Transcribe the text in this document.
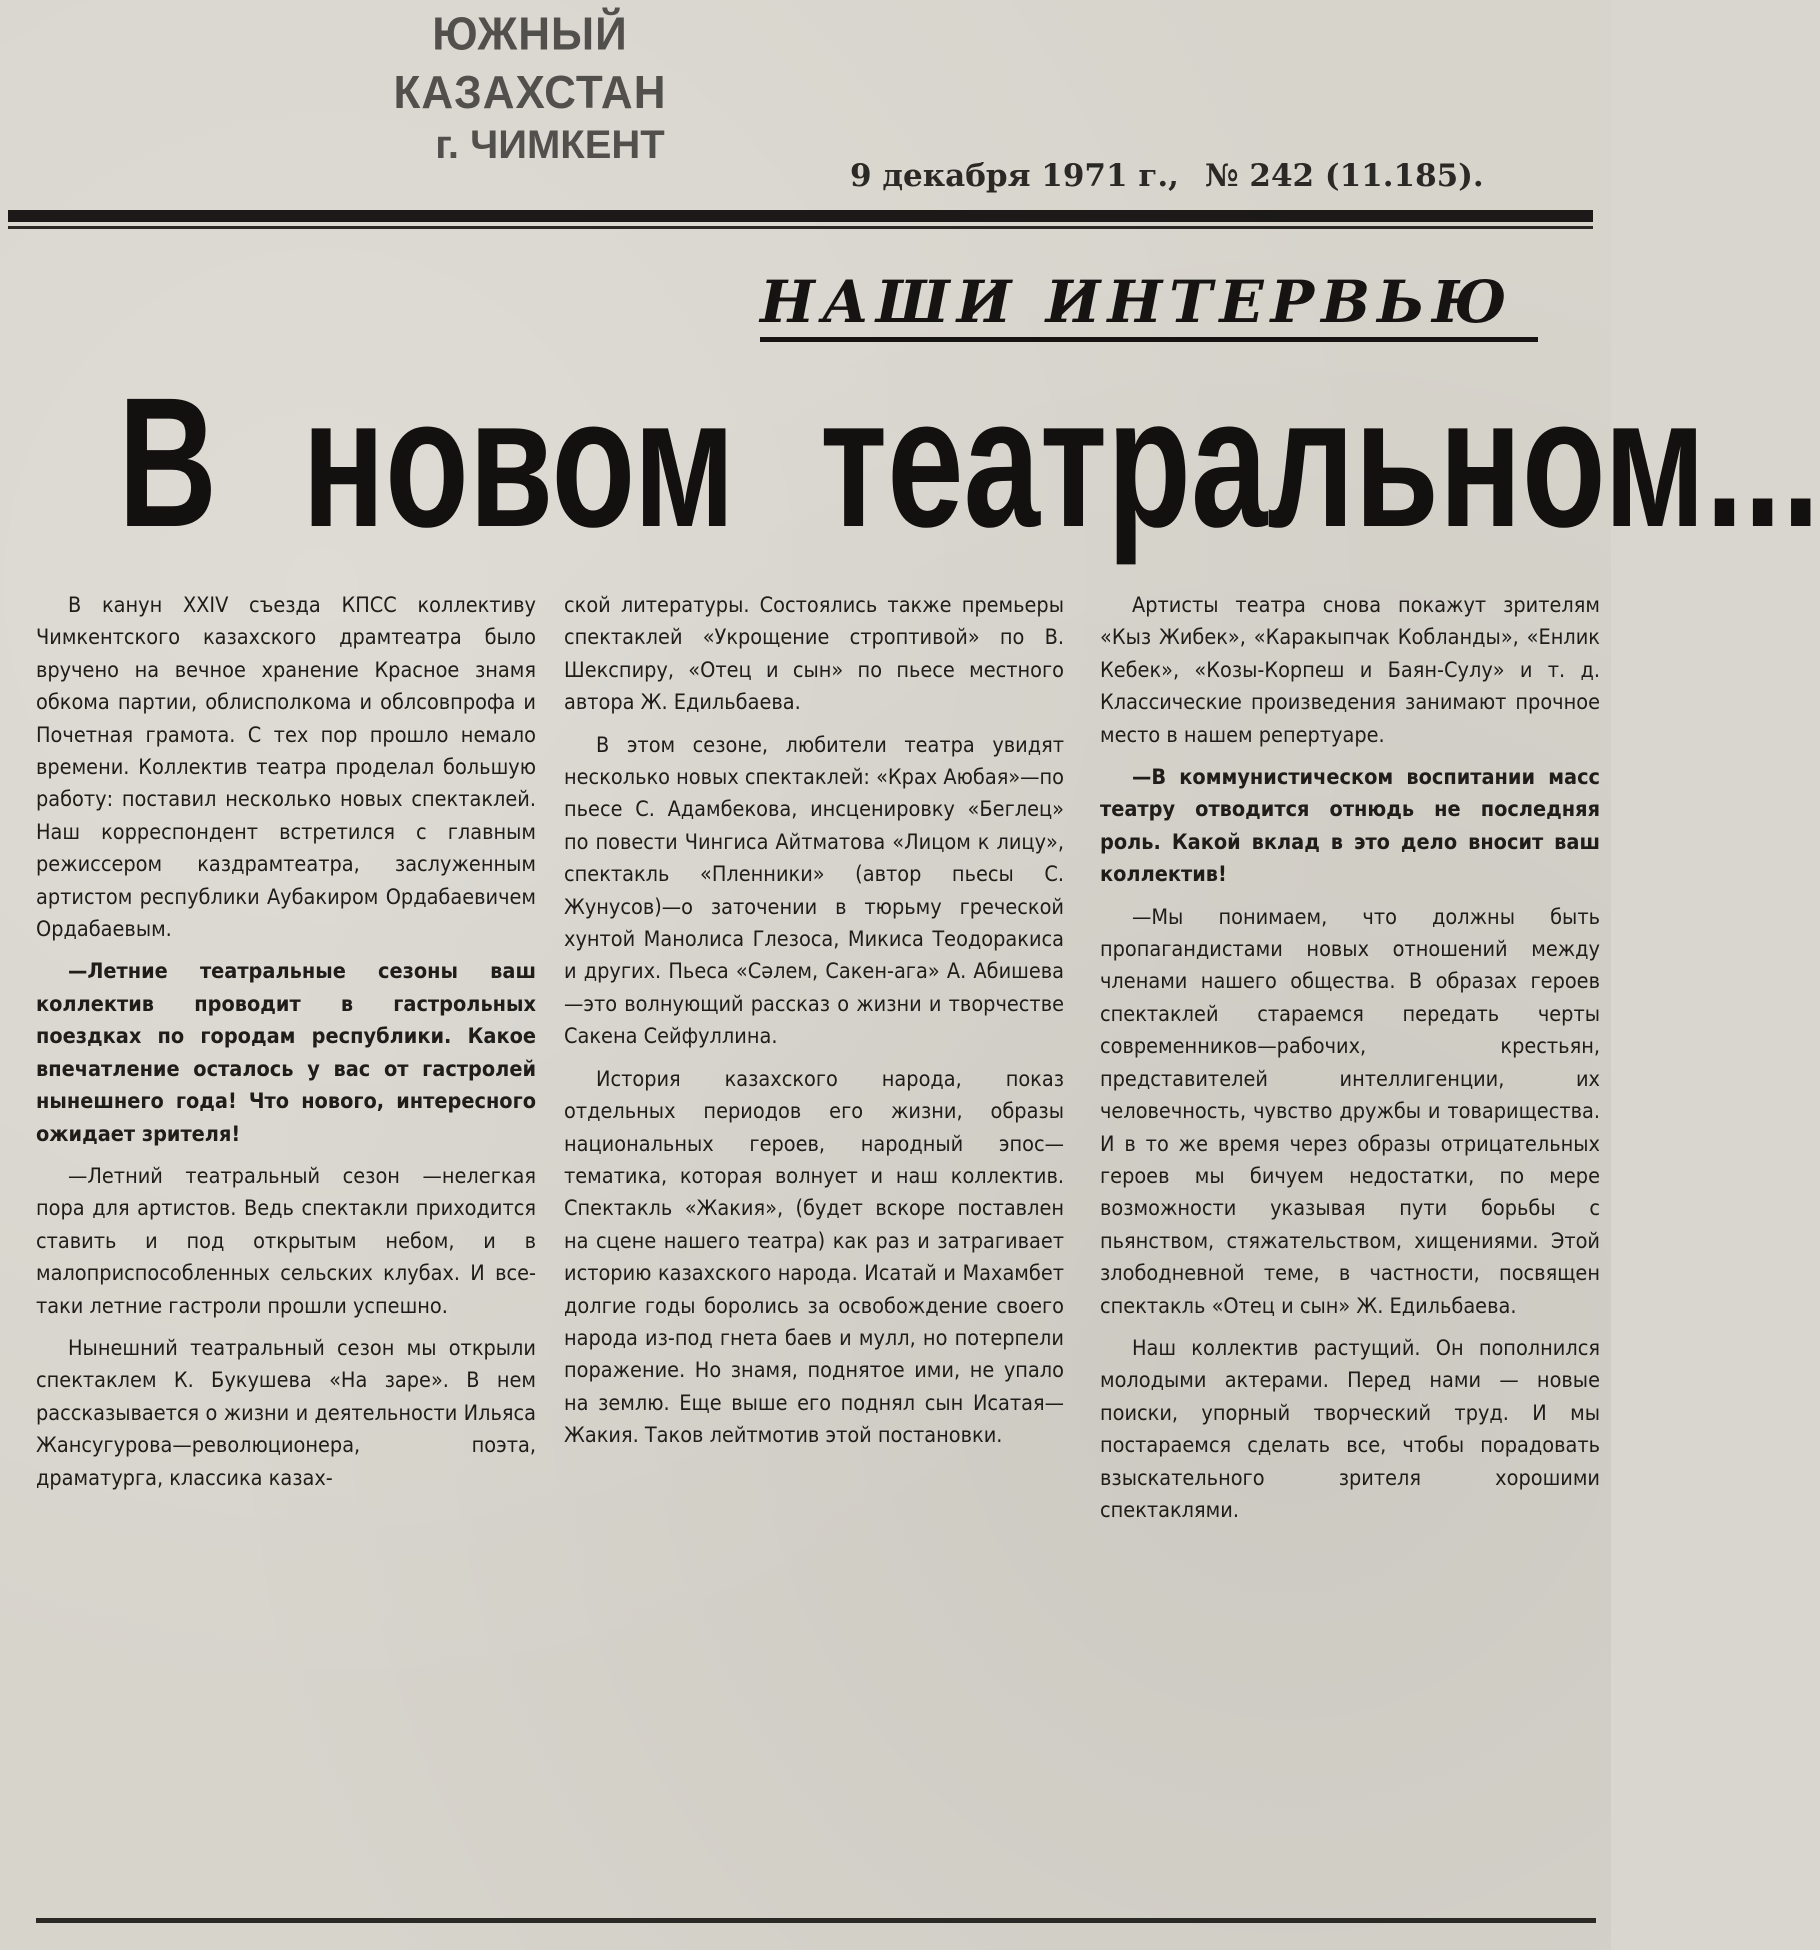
ЮЖНЫЙ КАЗАХСТАН
г. ЧИМКЕНТ
9 декабря 1971 г., № 242 (11.185).
НАШИ ИНТЕРВЬЮ
В новом театральном...

В канун XXIV съезда КПСС коллективу Чимкентского казахского драмтеатра было вручено на вечное хранение Красное знамя обкома партии, облисполкома и облсовпрофа и Почетная грамота. С тех пор прошло немало времени. Коллектив театра проделал большую работу: поставил несколько новых спектаклей. Наш корреспондент встретился с главным режиссером каздрамтеатра, заслуженным артистом республики Аубакиром Ордабаевичем Ордабаевым.

—Летние театральные сезоны ваш коллектив проводит в гастрольных поездках по городам республики. Какое впечатление осталось у вас от гастролей нынешнего года! Что нового, интересного ожидает зрителя!

—Летний театральный сезон —нелегкая пора для артистов. Ведь спектакли приходится ставить и под открытым небом, и в малоприспособленных сельских клубах. И все-таки летние гастроли прошли успешно.

Нынешний театральный сезон мы открыли спектаклем К. Букушева «На заре». В нем рассказывается о жизни и деятельности Ильяса Жансугурова—революционера, поэта, драматурга, классика казах-

ской литературы. Состоялись также премьеры спектаклей «Укрощение строптивой» по В. Шекспиру, «Отец и сын» по пьесе местного автора Ж. Едильбаева.

В этом сезоне, любители театра увидят несколько новых спектаклей: «Крах Аюбая»—по пьесе С. Адамбекова, инсценировку «Беглец» по повести Чингиса Айтматова «Лицом к лицу», спектакль «Пленники» (автор пьесы С. Жунусов)—о заточении в тюрьму греческой хунтой Манолиса Глезоса, Микиса Теодоракиса и других. Пьеса «Сәлем, Сакен-ага» А. Абишева—это волнующий рассказ о жизни и творчестве Сакена Сейфуллина.

История казахского народа, показ отдельных периодов его жизни, образы национальных героев, народный эпос—тематика, которая волнует и наш коллектив. Спектакль «Жакия», (будет вскоре поставлен на сцене нашего театра) как раз и затрагивает историю казахского народа. Исатай и Махамбет долгие годы боролись за освобождение своего народа из-под гнета баев и мулл, но потерпели поражение. Но знамя, поднятое ими, не упало на землю. Еще выше его поднял сын Исатая—Жакия. Таков лейтмотив этой постановки.

Артисты театра снова покажут зрителям «Кыз Жибек», «Каракыпчак Кобланды», «Енлик Кебек», «Козы-Корпеш и Баян-Сулу» и т. д. Классические произведения занимают прочное место в нашем репертуаре.

—В коммунистическом воспитании масс театру отводится отнюдь не последняя роль. Какой вклад в это дело вносит ваш коллектив!

—Мы понимаем, что должны быть пропагандистами новых отношений между членами нашего общества. В образах героев спектаклей стараемся передать черты современников—рабочих, крестьян, представителей интеллигенции, их человечность, чувство дружбы и товарищества. И в то же время через образы отрицательных героев мы бичуем недостатки, по мере возможности указывая пути борьбы с пьянством, стяжательством, хищениями. Этой злободневной теме, в частности, посвящен спектакль «Отец и сын» Ж. Едильбаева.

Наш коллектив растущий. Он пополнился молодыми актерами. Перед нами — новые поиски, упорный творческий труд. И мы постараемся сделать все, чтобы порадовать взыскательного зрителя хорошими спектаклями.
